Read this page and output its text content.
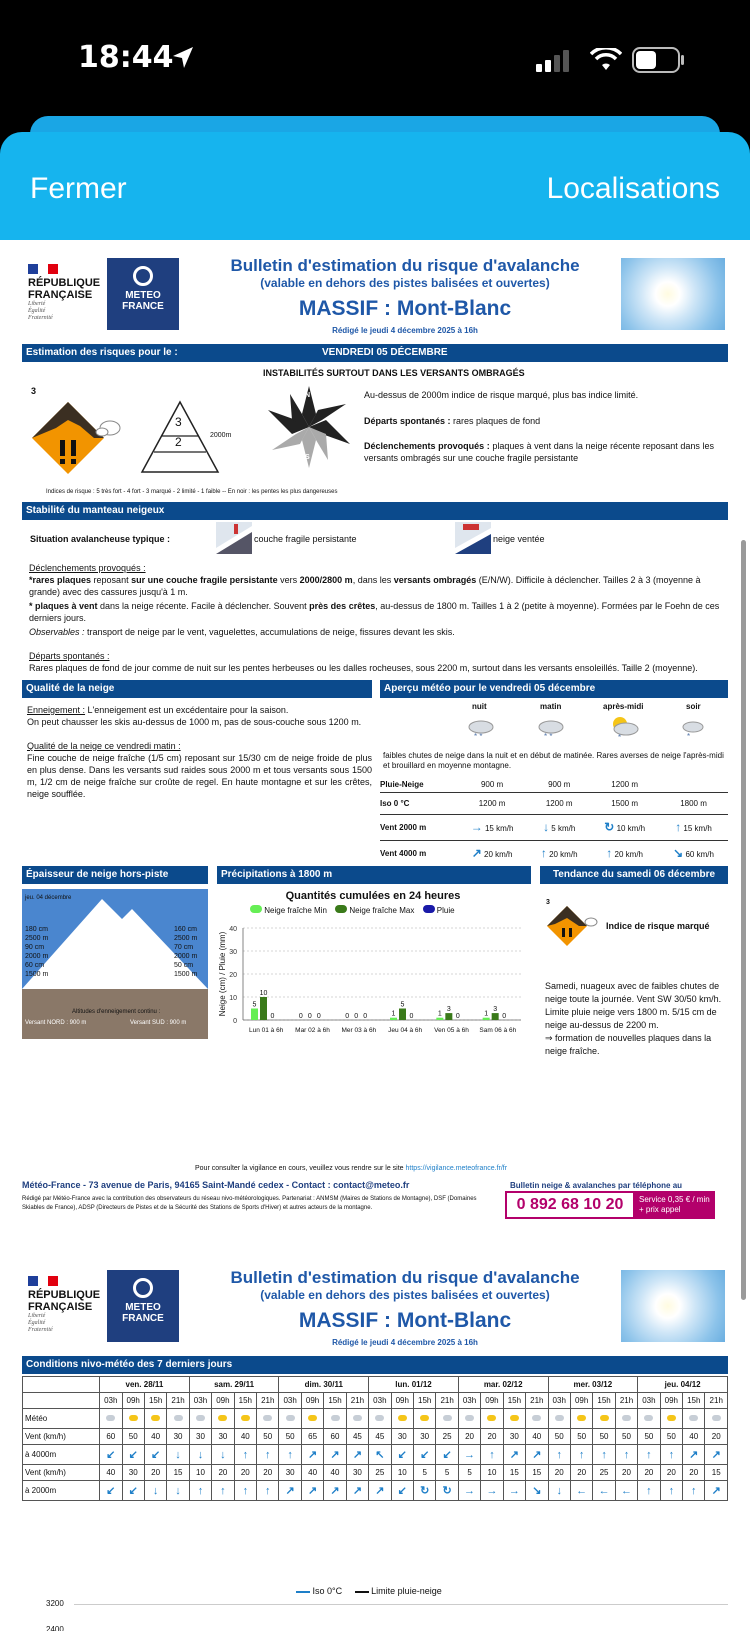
18:44
Fermer	Localisations
RÉPUBLIQUE
FRANÇAISE
Liberté
Égalité
Fraternité
METEO
FRANCE
Bulletin d'estimation du risque d'avalanche
(valable en dehors des pistes balisées et ouvertes)
MASSIF : Mont-Blanc
Rédigé le jeudi 4 décembre 2025 à 16h
Estimation des risques pour le :	VENDREDI 05 DÉCEMBRE
INSTABILITÉS SURTOUT DANS LES VERSANTS OMBRAGÉS
3
3
2	2000m
N
O	E
S
Au-dessus de 2000m indice de risque marqué, plus bas indice limité.
Départs spontanés : rares plaques de fond
Déclenchements provoqués : plaques à vent dans la neige récente reposant dans les versants ombragés sur une couche fragile persistante
Indices de risque : 5 très fort - 4 fort - 3 marqué - 2 limité - 1 faible -- En noir : les pentes les plus dangereuses
Stabilité du manteau neigeux
Situation avalancheuse typique :	couche fragile persistante	neige ventée
Déclenchements provoqués :
*rares plaques reposant sur une couche fragile persistante vers 2000/2800 m, dans les versants ombragés (E/N/W). Difficile à déclencher. Tailles 2 à 3 (moyenne à grande) avec des cassures jusqu'à 1 m.
* plaques à vent dans la neige récente. Facile à déclencher. Souvent près des crêtes, au-dessus de 1800 m. Tailles 1 à 2 (petite à moyenne). Formées par le Foehn de ces derniers jours.
Observables : transport de neige par le vent, vaguelettes, accumulations de neige, fissures devant les skis.
Départs spontanés :
Rares plaques de fond de jour comme de nuit sur les pentes herbeuses ou les dalles rocheuses, sous 2200 m, surtout dans les versants ensoleillés. Taille 2 (moyenne).
Qualité de la neige
Enneigement : L'enneigement est un excédentaire pour la saison.
On peut chausser les skis au-dessus de 1000 m, pas de sous-couche sous 1200 m.
Qualité de la neige ce vendredi matin :
Fine couche de neige fraîche (1/5 cm) reposant sur 15/30 cm de neige froide de plus en plus dense. Dans les versants sud raides sous 2000 m et tous versants sous 1500 m, 1/2 cm de neige fraîche sur croûte de regel. En haute montagne et sur les crêtes, neige soufflée.
Aperçu météo pour le vendredi 05 décembre
nuit	matin	après-midi	soir
* *	* *	*	*
faibles chutes de neige dans la nuit et en début de matinée. Rares averses de neige l'après-midi et brouillard en moyenne montagne.
Pluie-Neige	900 m	900 m	1200 m	
Iso 0 °C	1200 m	1200 m	1500 m	1800 m
Vent 2000 m	→ 15 km/h	↓ 5 km/h	↻ 10 km/h	↑ 15 km/h
Vent 4000 m	↗ 20 km/h	↑ 20 km/h	↑ 20 km/h	↘ 60 km/h
Épaisseur de neige hors-piste
jeu. 04 décembre
180 cm
2500 m
90 cm
2000 m
60 cm
1500 m
160 cm
2500 m
70 cm
2000 m
50 cm
1500 m
Altitudes d'enneigement continu :
Versant NORD : 900 m	Versant SUD : 900 m
Précipitations à 1800 m
Quantités cumulées en 24 heures
Neige fraîche Min	Neige fraîche Max	Pluie
0
10
20
30
40
Neige (cm) / Pluie (mm)	5
10
0
Lun 01 à 6h
0 0 0
Mar 02 à 6h
0 0 0
Mer 03 à 6h
1
5
0
Jeu 04 à 6h
1
3
0
Ven 05 à 6h
1
3
0
Sam 06 à 6h
Tendance du samedi 06 décembre
3
Indice de risque marqué
Samedi, nuageux avec de faibles chutes de neige toute la journée. Vent SW 30/50 km/h. Limite pluie neige vers 1800 m. 5/15 cm de neige au-dessus de 2200 m.
⇒ formation de nouvelles plaques dans la neige fraîche.
Pour consulter la vigilance en cours, veuillez vous rendre sur le site https://vigilance.meteofrance.fr/fr
Météo-France - 73 avenue de Paris, 94165 Saint-Mandé cedex - Contact : contact@meteo.fr	Bulletin neige & avalanches par téléphone au
Rédigé par Météo-France avec la contribution des observateurs du réseau nivo-météorologiques. Partenariat : ANMSM (Maires de Stations de Montagne), DSF (Domaines Skiables de France), ADSP (Directeurs de Pistes et de la Sécurité des Stations de Sports d'Hiver) et autres acteurs de la montagne.	0 892 68 10 20	Service 0,35 € / min + prix appel
RÉPUBLIQUE
FRANÇAISE
Liberté
Égalité
Fraternité
METEO
FRANCE
Bulletin d'estimation du risque d'avalanche
(valable en dehors des pistes balisées et ouvertes)
MASSIF : Mont-Blanc
Rédigé le jeudi 4 décembre 2025 à 16h
Conditions nivo-météo des 7 derniers jours
	ven. 28/11				sam. 29/11				dim. 30/11				lun. 01/12				mar. 02/12				mer. 03/12				jeu. 04/12			
	03h	09h	15h	21h	03h	09h	15h	21h	03h	09h	15h	21h	03h	09h	15h	21h	03h	09h	15h	21h	03h	09h	15h	21h	03h	09h	15h	21h
Météo																												
Vent (km/h)	60	50	40	30	30	30	40	50	50	65	60	45	45	30	30	25	20	20	30	40	50	50	50	50	50	50	40	20
à 4000m	↙	↙	↙	↓	↓	↓	↑	↑	↑	↗	↗	↗	↖	↙	↙	↙	→	↑	↗	↗	↑	↑	↑	↑	↑	↑	↗	↗
Vent (km/h)	40	30	20	15	10	20	20	20	30	40	40	30	25	10	5	5	5	10	15	15	20	20	25	20	20	20	20	15
à 2000m	↙	↙	↓	↓	↑	↑	↑	↑	↗	↗	↗	↗	↗	↙	↻	↻	→	→	→	↘	↓	←	←	←	↑	↑	↑	↗
Iso 0°C	Limite pluie-neige
3200
2400
